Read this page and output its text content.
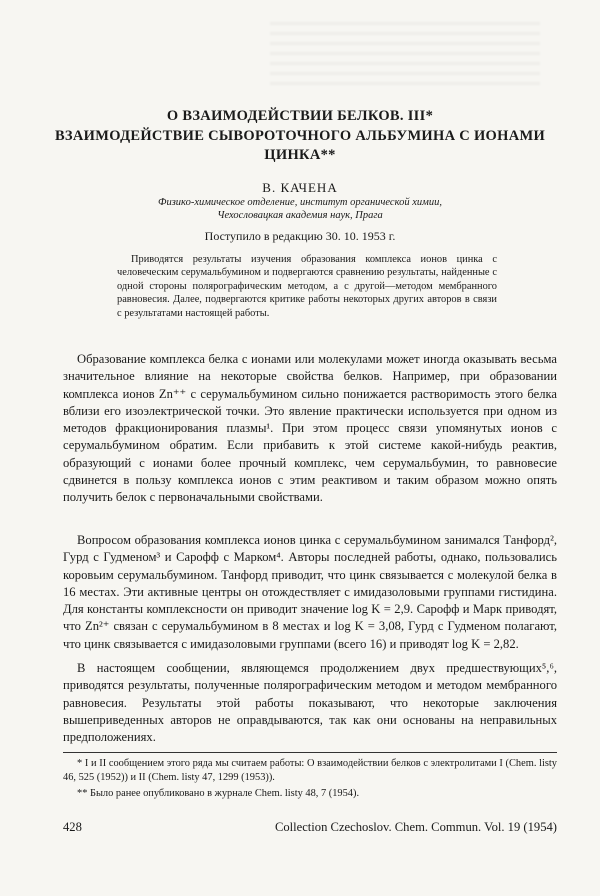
О ВЗАИМОДЕЙСТВИИ БЕЛКОВ. III*
ВЗАИМОДЕЙСТВИЕ СЫВОРОТОЧНОГО АЛЬБУМИНА С ИОНАМИ
ЦИНКА**
В. КАЧЕНА
Физико-химическое отделение, институт органической химии,
Чехословацкая академия наук, Прага
Поступило в редакцию 30. 10. 1953 г.

Приводятся результаты изучения образования комплекса ионов цинка с человеческим серумальбумином и подвергаются сравнению результаты, найденные с одной стороны полярографическим методом, а с другой—методом мембранного равновесия. Далее, подвергаются критике работы некоторых других авторов в связи с результатами настоящей работы.

Образование комплекса белка с ионами или молекулами может иногда оказывать весьма значительное влияние на некоторые свойства белков. Например, при образовании комплекса ионов Zn⁺⁺ с серумальбумином сильно понижается растворимость этого белка вблизи его изоэлектрической точки. Это явление практически используется при одном из методов фракционирования плазмы¹. При этом процесс связи упомянутых ионов с серумальбумином обратим. Если прибавить к этой системе какой-нибудь реактив, образующий с ионами более прочный комплекс, чем серумальбумин, то равновесие сдвинется в пользу комплекса ионов с этим реактивом и таким образом можно опять получить белок с первоначальными свойствами.

Вопросом образования комплекса ионов цинка с серумальбумином занимался Танфорд², Гурд с Гудменом³ и Сарофф с Марком⁴. Авторы последней работы, однако, пользовались коровьим серумальбумином. Танфорд приводит, что цинк связывается с молекулой белка в 16 местах. Эти активные центры он отождествляет с имидазоловыми группами гистидина. Для константы комплексности он приводит значение log K = 2,9. Сарофф и Марк приводят, что Zn²⁺ связан с серумальбумином в 8 местах и log K = 3,08, Гурд с Гудменом полагают, что цинк связывается с имидазоловыми группами (всего 16) и приводят log K = 2,82.

В настоящем сообщении, являющемся продолжением двух предшествующих⁵,⁶, приводятся результаты, полученные полярографическим методом и методом мембранного равновесия. Результаты этой работы показывают, что некоторые заключения вышеприведенных авторов не оправдываются, так как они основаны на неправильных предположениях.

* I и II сообщением этого ряда мы считаем работы: О взаимодействии белков с электролитами I (Chem. listy 46, 525 (1952)) и II (Chem. listy 47, 1299 (1953)).

** Было ранее опубликовано в журнале Chem. listy 48, 7 (1954).

428	Collection Czechoslov. Chem. Commun. Vol. 19 (1954)
